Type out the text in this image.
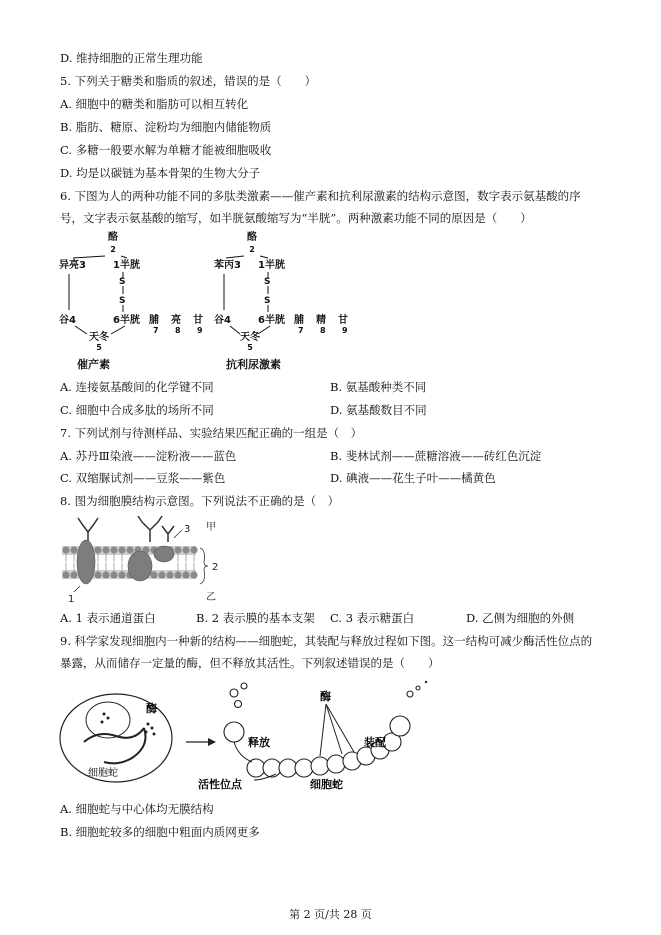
D. 维持细胞的正常生理功能
5. 下列关于糖类和脂质的叙述，错误的是（　　）
A. 细胞中的糖类和脂肪可以相互转化
B. 脂肪、糖原、淀粉均为细胞内储能物质
C. 多糖一般要水解为单糖才能被细胞吸收
D. 均是以碳链为基本骨架的生物大分子
6. 下图为人的两种功能不同的多肽类激素——催产素和抗利尿激素的结构示意图，数字表示氨基酸的序
号，文字表示氨基酸的缩写，如半胱氨酸缩写为“半胱”。两种激素功能不同的原因是（　　）
酪
2
异亮3	1半胱
S
S
谷4	6半胱 脯 亮 甘
7 8 9
天冬
5
催产素
酪
2
苯丙3 1半胱
S
S
谷4	6半胱 脯 精 甘
7 8 9
天冬
5
抗利尿激素
A. 连接氨基酸间的化学键不同	B. 氨基酸种类不同
C. 细胞中合成多肽的场所不同	D. 氨基酸数目不同
7. 下列试剂与待测样品、实验结果匹配正确的一组是（　）
A. 苏丹Ⅲ染液——淀粉液——蓝色	B. 斐林试剂——蔗糖溶液——砖红色沉淀
C. 双缩脲试剂——豆浆——紫色	D. 碘液——花生子叶——橘黄色
8. 图为细胞膜结构示意图。下列说法不正确的是（　）
3 甲
2
1	乙
A. 1 表示通道蛋白	B. 2 表示膜的基本支架 C. 3 表示糖蛋白	D. 乙侧为细胞的外侧
9. 科学家发现细胞内一种新的结构——细胞蛇，其装配与释放过程如下图。这一结构可减少酶活性位点的
暴露，从而储存一定量的酶，但不释放其活性。下列叙述错误的是（　　）
酶
细胞蛇
释放
酶
装配
活性位点	细胞蛇
A. 细胞蛇与中心体均无膜结构
B. 细胞蛇较多的细胞中粗面内质网更多
第 2 页/共 28 页
